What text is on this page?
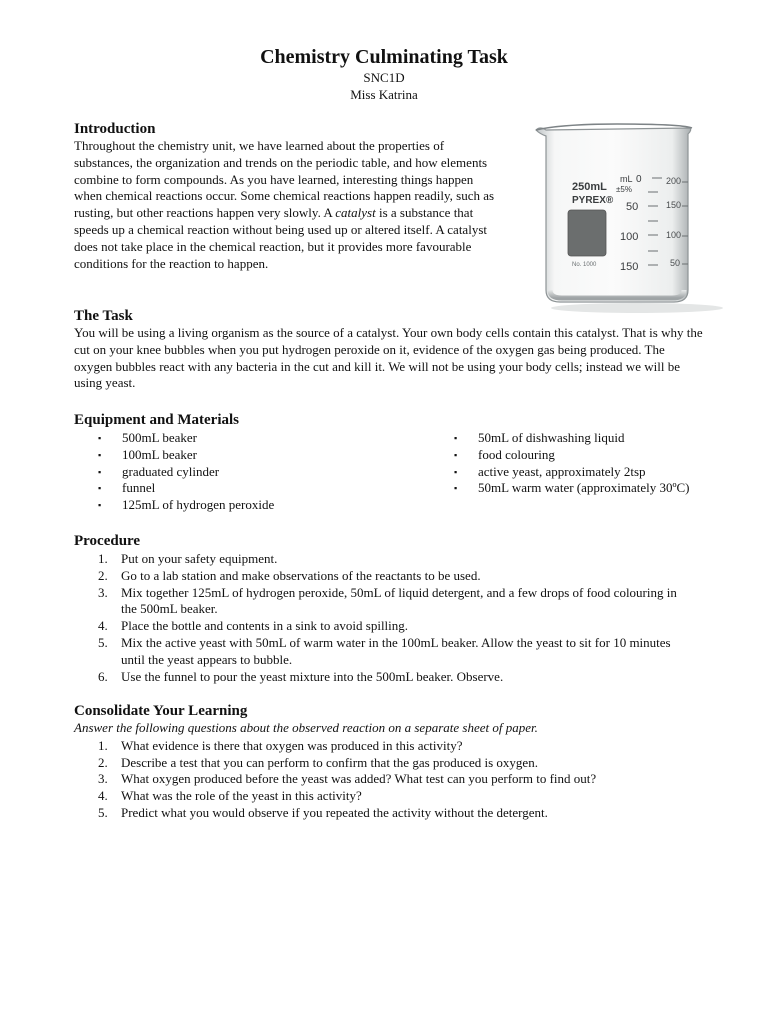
Chemistry Culminating Task
SNC1D
Miss Katrina
Introduction

Throughout the chemistry unit, we have learned about the properties of substances, the organization and trends on the periodic table, and how elements combine to form compounds. As you have learned, interesting things happen when chemical reactions occur. Some chemical reactions happen readily, such as rusting, but other reactions happen very slowly. A catalyst is a substance that speeds up a chemical reaction without being used up or altered itself. A catalyst does not take place in the chemical reaction, but it provides more favourable conditions for the reaction to happen.

250mL
PYREX®
mL
±5%
0
50
100
150
200
150
100
50
No. 1000
The Task

You will be using a living organism as the source of a catalyst. Your own body cells contain this catalyst. That is why the cut on your knee bubbles when you put hydrogen peroxide on it, evidence of the oxygen gas being produced. The oxygen bubbles react with any bacteria in the cut and kill it. We will not be using your body cells; instead we will be using yeast.

Equipment and Materials
▪ 500mL beaker
▪ 100mL beaker
▪ graduated cylinder
▪ funnel
▪ 125mL of hydrogen peroxide
▪ 50mL of dishwashing liquid
▪ food colouring
▪ active yeast, approximately 2tsp
▪ 50mL warm water (approximately 30ºC)
Procedure
1. Put on your safety equipment.
2. Go to a lab station and make observations of the reactants to be used.
3. Mix together 125mL of hydrogen peroxide, 50mL of liquid detergent, and a few drops of food colouring in the 500mL beaker.
4. Place the bottle and contents in a sink to avoid spilling.
5. Mix the active yeast with 50mL of warm water in the 100mL beaker. Allow the yeast to sit for 10 minutes until the yeast appears to bubble.
6. Use the funnel to pour the yeast mixture into the 500mL beaker. Observe.
Consolidate Your Learning

Answer the following questions about the observed reaction on a separate sheet of paper.

1. What evidence is there that oxygen was produced in this activity?
2. Describe a test that you can perform to confirm that the gas produced is oxygen.
3. What oxygen produced before the yeast was added? What test can you perform to find out?
4. What was the role of the yeast in this activity?
5. Predict what you would observe if you repeated the activity without the detergent.
